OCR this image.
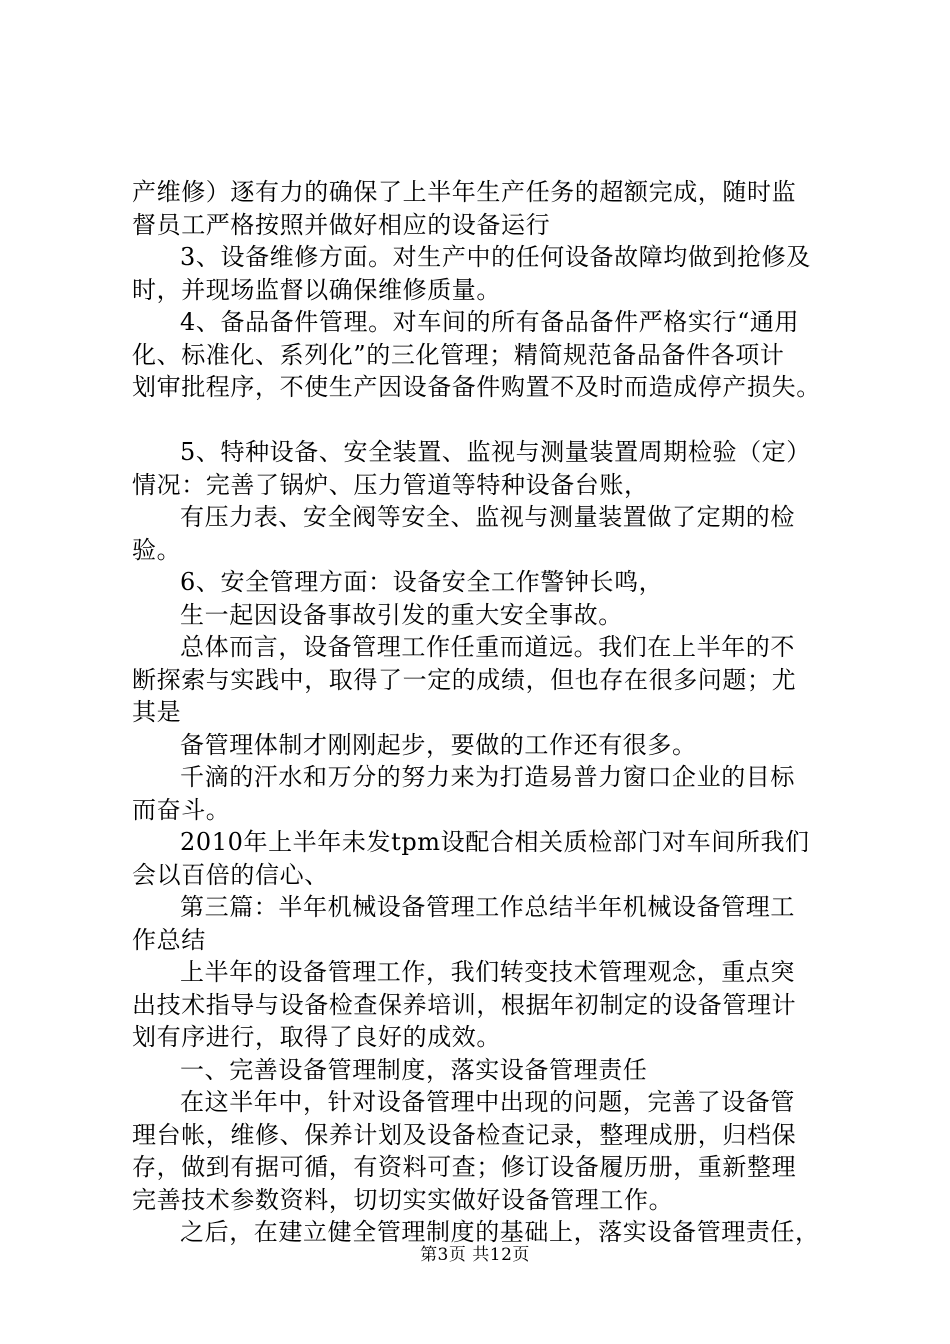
产维修）逐有力的确保了上半年生产任务的超额完成，随时监
督员工严格按照并做好相应的设备运行
3、设备维修方面。对生产中的任何设备故障均做到抢修及
时，并现场监督以确保维修质量。
4、备品备件管理。对车间的所有备品备件严格实行“通用
化、标准化、系列化”的三化管理；精简规范备品备件各项计
划审批程序，不使生产因设备备件购置不及时而造成停产损失。
5、特种设备、安全装置、监视与测量装置周期检验（定）
情况：完善了锅炉、压力管道等特种设备台账，
有压力表、安全阀等安全、监视与测量装置做了定期的检
验。
6、安全管理方面：设备安全工作警钟长鸣，
生一起因设备事故引发的重大安全事故。
总体而言，设备管理工作任重而道远。我们在上半年的不
断探索与实践中，取得了一定的成绩，但也存在很多问题；尤
其是
备管理体制才刚刚起步，要做的工作还有很多。
千滴的汗水和万分的努力来为打造易普力窗口企业的目标
而奋斗。
2010年上半年未发tpm设配合相关质检部门对车间所我们
会以百倍的信心、
第三篇：半年机械设备管理工作总结半年机械设备管理工
作总结
上半年的设备管理工作，我们转变技术管理观念，重点突
出技术指导与设备检查保养培训，根据年初制定的设备管理计
划有序进行，取得了良好的成效。
一、完善设备管理制度，落实设备管理责任
在这半年中，针对设备管理中出现的问题，完善了设备管
理台帐，维修、保养计划及设备检查记录，整理成册，归档保
存，做到有据可循，有资料可查；修订设备履历册，重新整理
完善技术参数资料，切切实实做好设备管理工作。
之后，在建立健全管理制度的基础上，落实设备管理责任，
第3页 共12页
